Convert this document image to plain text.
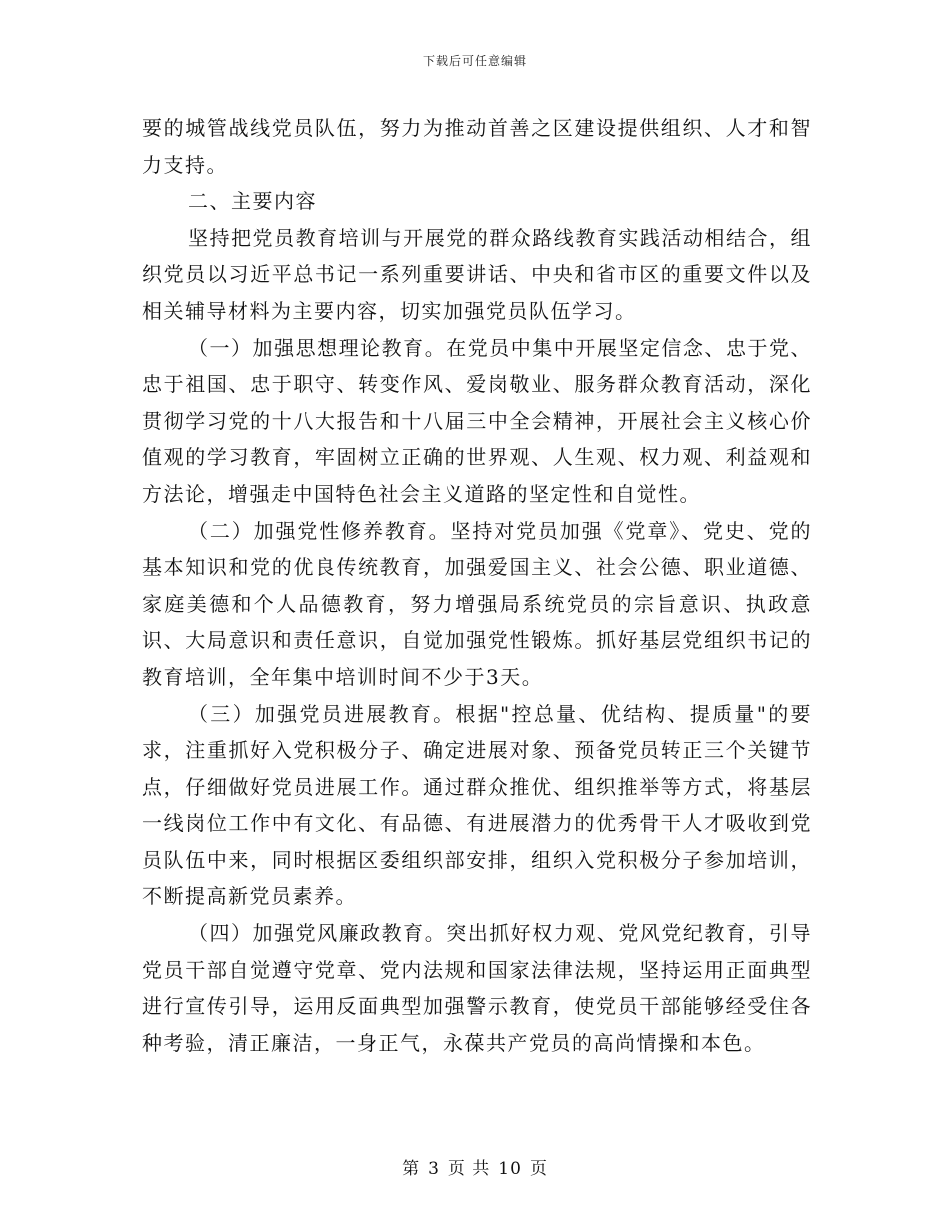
下载后可任意编辑

要的城管战线党员队伍，努力为推动首善之区建设提供组织、人才和智力支持。

二、主要内容

坚持把党员教育培训与开展党的群众路线教育实践活动相结合，组织党员以习近平总书记一系列重要讲话、中央和省市区的重要文件以及相关辅导材料为主要内容，切实加强党员队伍学习。

（一）加强思想理论教育。在党员中集中开展坚定信念、忠于党、忠于祖国、忠于职守、转变作风、爱岗敬业、服务群众教育活动，深化贯彻学习党的十八大报告和十八届三中全会精神，开展社会主义核心价值观的学习教育，牢固树立正确的世界观、人生观、权力观、利益观和方法论，增强走中国特色社会主义道路的坚定性和自觉性。

（二）加强党性修养教育。坚持对党员加强《党章》、党史、党的基本知识和党的优良传统教育，加强爱国主义、社会公德、职业道德、家庭美德和个人品德教育，努力增强局系统党员的宗旨意识、执政意识、大局意识和责任意识，自觉加强党性锻炼。抓好基层党组织书记的教育培训，全年集中培训时间不少于3天。

（三）加强党员进展教育。根据"控总量、优结构、提质量"的要求，注重抓好入党积极分子、确定进展对象、预备党员转正三个关键节点，仔细做好党员进展工作。通过群众推优、组织推举等方式，将基层一线岗位工作中有文化、有品德、有进展潜力的优秀骨干人才吸收到党员队伍中来，同时根据区委组织部安排，组织入党积极分子参加培训，不断提高新党员素养。

（四）加强党风廉政教育。突出抓好权力观、党风党纪教育，引导党员干部自觉遵守党章、党内法规和国家法律法规，坚持运用正面典型进行宣传引导，运用反面典型加强警示教育，使党员干部能够经受住各种考验，清正廉洁，一身正气，永葆共产党员的高尚情操和本色。

第 3 页 共 10 页
